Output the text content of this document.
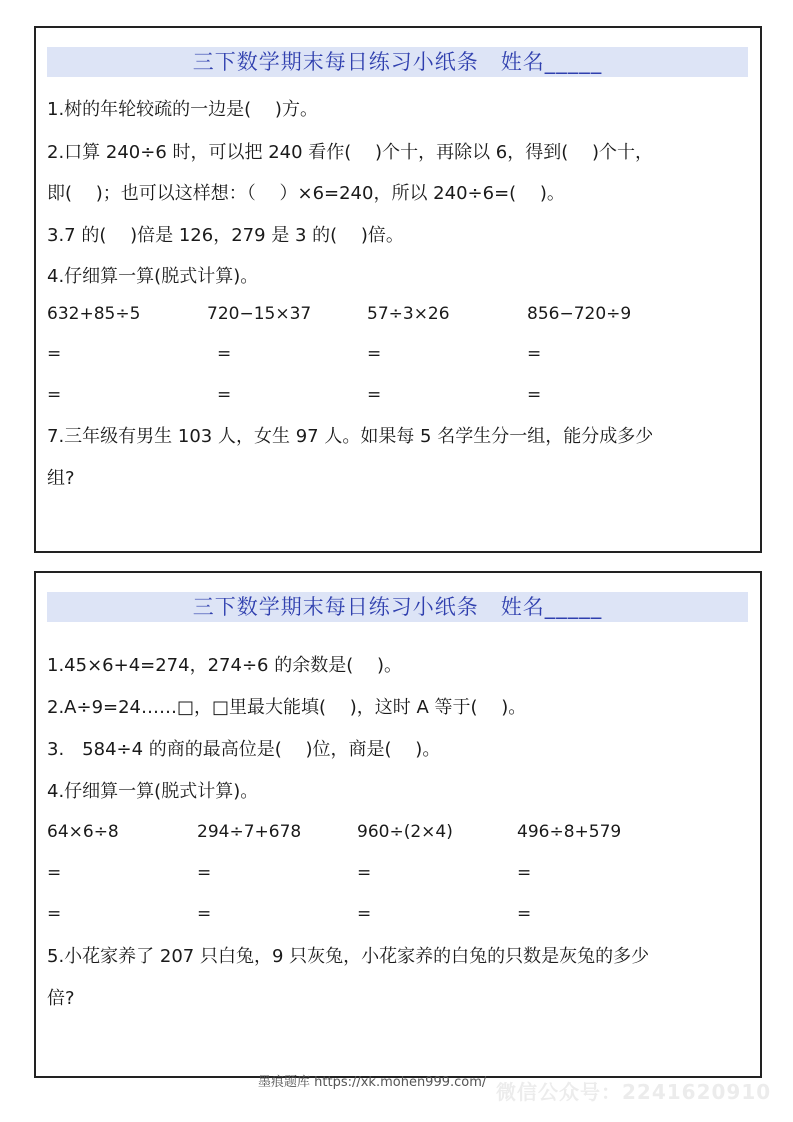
三下数学期末每日练习小纸条　姓名_____
1.树的年轮较疏的一边是(　 )方。
2.口算 240÷6 时，可以把 240 看作(　 )个十，再除以 6，得到(　 )个十，
即(　 )；也可以这样想：（　 ）×6=240，所以 240÷6=(　 )。
3.7 的(　 )倍是 126，279 是 3 的(　 )倍。
4.仔细算一算(脱式计算)。
632+85÷5	720−15×37	57÷3×26	856−720÷9
=	=	=	=
=	=	=	=
7.三年级有男生 103 人，女生 97 人。如果每 5 名学生分一组，能分成多少
组?
三下数学期末每日练习小纸条　姓名_____
1.45×6+4=274，274÷6 的余数是(　 )。
2.A÷9=24……□，□里最大能填(　 )，这时 A 等于(　 )。
3.　584÷4 的商的最高位是(　 )位，商是(　 )。
4.仔细算一算(脱式计算)。
64×6÷8	294÷7+678	960÷(2×4)	496÷8+579
=	=	=	=
=	=	=	=
5.小花家养了 207 只白兔，9 只灰兔，小花家养的白兔的只数是灰兔的多少
倍?
微信公众号：2241620910
墨痕题库 https://xk.mohen999.com/
